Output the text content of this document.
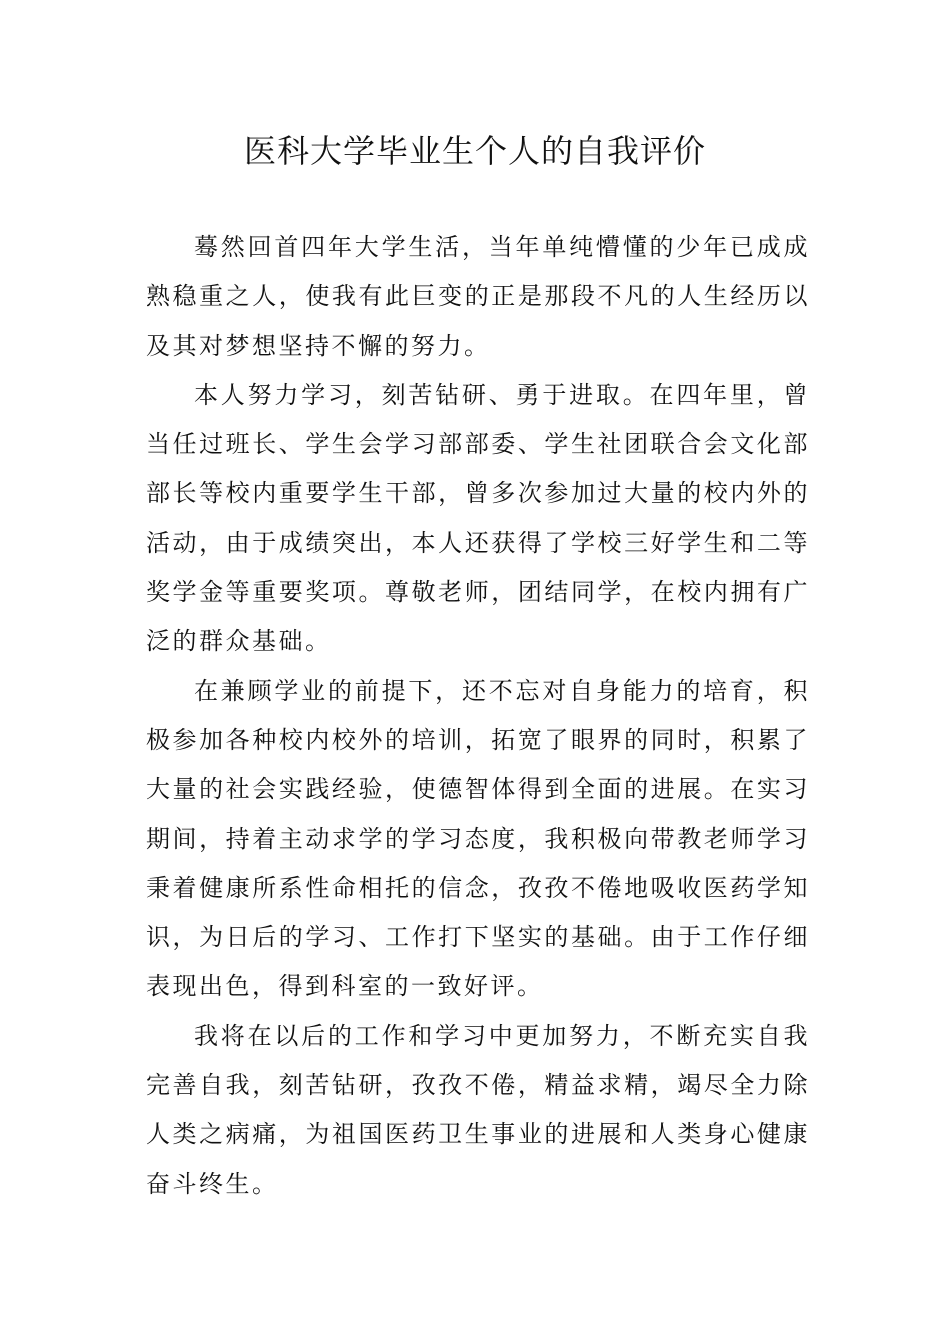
医科大学毕业生个人的自我评价

蓦然回首四年大学生活，当年单纯懵懂的少年已成成熟稳重之人，使我有此巨变的正是那段不凡的人生经历以及其对梦想坚持不懈的努力。

本人努力学习，刻苦钻研、勇于进取。在四年里，曾当任过班长、学生会学习部部委、学生社团联合会文化部部长等校内重要学生干部，曾多次参加过大量的校内外的活动，由于成绩突出，本人还获得了学校三好学生和二等奖学金等重要奖项。尊敬老师，团结同学，在校内拥有广泛的群众基础。

在兼顾学业的前提下，还不忘对自身能力的培育，积极参加各种校内校外的培训，拓宽了眼界的同时，积累了大量的社会实践经验，使德智体得到全面的进展。在实习期间，持着主动求学的学习态度，我积极向带教老师学习秉着健康所系性命相托的信念，孜孜不倦地吸收医药学知识，为日后的学习、工作打下坚实的基础。由于工作仔细表现出色，得到科室的一致好评。

我将在以后的工作和学习中更加努力，不断充实自我完善自我，刻苦钻研，孜孜不倦，精益求精，竭尽全力除人类之病痛，为祖国医药卫生事业的进展和人类身心健康奋斗终生。
